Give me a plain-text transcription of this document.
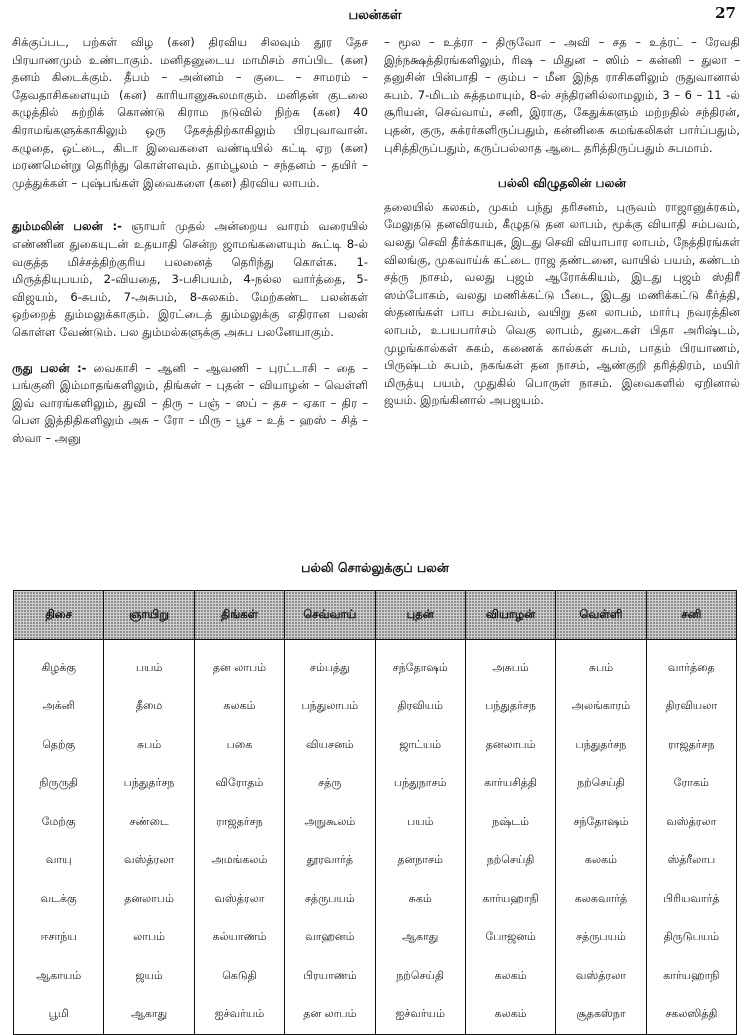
பலன்கள்	27

சிக்குப்பட, பற்கள் விழ (கன) திரவிய சிலவும் தூர தேச பிரயாணமும் உண்டாகும். மனிதனுடைய மாமிசம் சாப்பிட (கன) தனம் கிடைக்கும். தீபம் – அன்னம் – குடை – சாமரம் – தேவதாசிகளையும் (கன) காரியானுகூலமாகும். மனிதன் குடலை கழுத்தில் சுற்றிக் கொண்டு கிராம நடுவில் நிற்க (கன) 40 கிராமங்களுக்காகிலும் ஒரு தேசத்திற்காகிலும் பிரபுவாவான். கழுதை, ஒட்டை, கிடா இவைகளை வண்டியில் கட்டி ஏற (கன) மரணமென்று தெரிந்து கொள்ளவும். தாம்பூலம் – சந்தனம் – தயிர் – முத்துக்கள் – புஷ்பங்கள் இவைகளை (கன) திரவிய லாபம்.

தும்மலின் பலன் :- ஞாயர் முதல் அன்றைய வாரம் வரையில் எண்ணின துகையுடன் உதயாதி சென்ற ஜாமங்களையும் கூட்டி 8-ல் வகுத்த மிச்சத்திற்குரிய பலனைத் தெரிந்து கொள்க. 1-மிருத்தியுபயம், 2-வியதை, 3-பசிபயம், 4-நல்ல வார்த்தை, 5-விஜயம், 6-சுபம், 7-அசுபம், 8-கலகம். மேற்கண்ட பலன்கள் ஒற்றைத் தும்மலுக்காகும். இரட்டைத் தும்மலுக்கு எதிரான பலன் கொள்ள வேண்டும். பல தும்மல்களுக்கு அசுப பலனேயாகும்.

ருது பலன் :- வைகாசி – ஆனி – ஆவணி – புரட்டாசி – தை – பங்குனி இம்மாதங்களிலும், திங்கள் – புதன் – வியாழன் – வெள்ளி இவ் வாரங்களிலும், துவி – திரு – பஞ் – ஸப் – தச – ஏகா – திர – பௌ இத்திதிகளிலும் அசு – ரோ – மிரு – பூச – உத் – ஹஸ் – சித் – ஸ்வா – அனு

– மூல – உத்ரா – திருவோ – அவி – சத – உத்ரட் – ரேவதி இந்நக்ஷத்திரங்களிலும், ரிஷ – மிதுன – ஸிம் – கன்னி – துலா – தனுசின் பின்பாதி – கும்ப – மீன இந்த ராசிகளிலும் ருதுவானால் சுபம். 7-மிடம் சுத்தமாயும், 8-ல் சந்திரனில்லாமலும், 3 – 6 – 11 -ல் சூரியன், செவ்வாய், சனி, இராகு, கேதுக்களும் மற்றதில் சந்திரன், புதன், குரு, சுக்ரர்களிருப்பதும், கன்னிகை சுமங்கலிகள் பார்ப்பதும், புசித்திருப்பதும், கருப்பல்லாத ஆடை தரித்திருப்பதும் சுபமாம்.

பல்லி விழுதலின் பலன்

தலையில் கலகம், முகம் பந்து தரிசனம், புருவம் ராஜானுக்ரகம், மேலுதடு தனவிரயம், கீழுதடு தன லாபம், மூக்கு வியாதி சம்பவம், வலது செவி தீர்க்காயுசு, இடது செவி வியாபார லாபம், நேத்திரங்கள் விலங்கு, முகவாய்க் கட்டை ராஜ தண்டனை, வாயில் பயம், கண்டம் சத்ரு நாசம், வலது புஜம் ஆரோக்கியம், இடது புஜம் ஸ்திரீ ஸம்போகம், வலது மணிக்கட்டு பீடை, இடது மணிக்கட்டு கீர்த்தி, ஸ்தனங்கள் பாப சம்பவம், வயிறு தன லாபம், மார்பு நவரத்தின லாபம், உபயபார்சம் வெகு லாபம், துடைகள் பிதா அரிஷ்டம், முழங்கால்கள் சுகம், கணைக் கால்கள் சுபம், பாதம் பிரயாணம், பிருஷ்டம் சுபம், நகங்கள் தன நாசம், ஆண்குறி தரித்திரம், மயிர் மிருத்யு பயம், முதுகில் பொருள் நாசம். இவைகளில் ஏறினால் ஜயம். இறங்கினால் அபஜயம்.

பல்லி சொல்லுக்குப் பலன்
திசை	ஞாயிறு	திங்கள்	செவ்வாய்	புதன்	வியாழன்	வெள்ளி	சனி
கிழக்கு	பயம்	தன லாபம்	சம்பத்து	சந்தோஷம்	அசுபம்	சுபம்	வார்த்தை
அக்னி	தீமை	கலகம்	பந்துலாபம்	திரவியம்	பந்துதர்சந	அலங்காரம்	திரவியலா
தெற்கு	சுபம்	பகை	வியசனம்	ஜாட்யம்	தனலாபம்	பந்துதர்சந	ராஜதர்சந
நிருருதி	பந்துதர்சந	விரோதம்	சத்ரு	பந்துநாசம்	கார்யசித்தி	நற்செய்தி	ரோகம்
மேற்கு	சண்டை	ராஜதர்சந	அநுகூலம்	பயம்	நஷ்டம்	சந்தோஷம்	வஸ்த்ரலா
வாயு	வஸ்த்ரலா	அமங்கலம்	தூரவார்த்	தனநாசம்	நற்செய்தி	கலகம்	ஸ்த்ரீலாப
வடக்கு	தனலாபம்	வஸ்த்ரலா	சத்ருபயம்	சுகம்	கார்யஹாநி	கலகவார்த்	பிரியவார்த்
ஈசாந்ய	லாபம்	கல்யாணம்	வாஹனம்	ஆகாது	போஜனம்	சத்ருபயம்	திருடுபயம்
ஆகாயம்	ஜயம்	கெடுதி	பிரயாணம்	நற்செய்தி	கலகம்	வஸ்த்ரலா	கார்யஹாநி
பூமி	ஆகாது	ஐச்வர்யம்	தன லாபம்	ஐச்வர்யம்	கலகம்	சூதகஸ்நா	சகலஸித்தி
